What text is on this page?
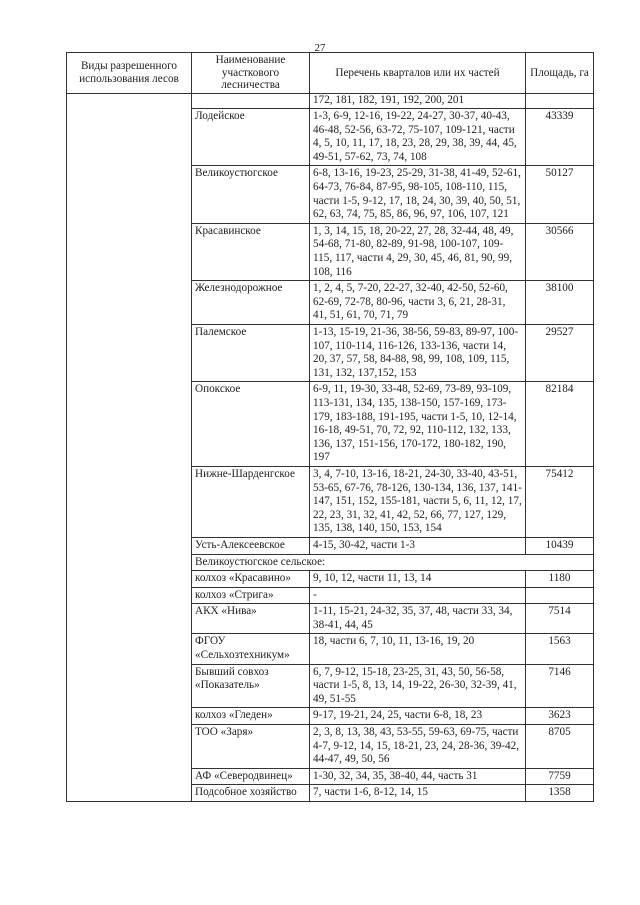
27
Виды разрешенного использования лесов	Наименование участкового лесничества	Перечень кварталов или их частей	Площадь, га
		172, 181, 182, 191, 192, 200, 201	
	Лодейское	1-3, 6-9, 12-16, 19-22, 24-27, 30-37, 40-43, 46-48, 52-56, 63-72, 75-107, 109-121, части 4, 5, 10, 11, 17, 18, 23, 28, 29, 38, 39, 44, 45, 49-51, 57-62, 73, 74, 108	43339
	Великоустюгское	6-8, 13-16, 19-23, 25-29, 31-38, 41-49, 52-61, 64-73, 76-84, 87-95, 98-105, 108-110, 115, части 1-5, 9-12, 17, 18, 24, 30, 39, 40, 50, 51, 62, 63, 74, 75, 85, 86, 96, 97, 106, 107, 121	50127
	Красавинское	1, 3, 14, 15, 18, 20-22, 27, 28, 32-44, 48, 49, 54-68, 71-80, 82-89, 91-98, 100-107, 109-115, 117, части 4, 29, 30, 45, 46, 81, 90, 99, 108, 116	30566
	Железнодорожное	1, 2, 4, 5, 7-20, 22-27, 32-40, 42-50, 52-60, 62-69, 72-78, 80-96, части 3, 6, 21, 28-31, 41, 51, 61, 70, 71, 79	38100
	Палемское	1-13, 15-19, 21-36, 38-56, 59-83, 89-97, 100-107, 110-114, 116-126, 133-136, части 14, 20, 37, 57, 58, 84-88, 98, 99, 108, 109, 115, 131, 132, 137,152, 153	29527
	Опокское	6-9, 11, 19-30, 33-48, 52-69, 73-89, 93-109, 113-131, 134, 135, 138-150, 157-169, 173-179, 183-188, 191-195, части 1-5, 10, 12-14, 16-18, 49-51, 70, 72, 92, 110-112, 132, 133, 136, 137, 151-156, 170-172, 180-182, 190, 197	82184
	Нижне-Шарденгское	3, 4, 7-10, 13-16, 18-21, 24-30, 33-40, 43-51, 53-65, 67-76, 78-126, 130-134, 136, 137, 141-147, 151, 152, 155-181, части 5, 6, 11, 12, 17, 22, 23, 31, 32, 41, 42, 52, 66, 77, 127, 129, 135, 138, 140, 150, 153, 154	75412
	Усть-Алексеевское	4-15, 30-42, части 1-3	10439
	Великоустюгское сельское:		
	колхоз «Красавино»	9, 10, 12, части 11, 13, 14	1180
	колхоз «Стрига»	-	
	АКХ «Нива»	1-11, 15-21, 24-32, 35, 37, 48, части 33, 34, 38-41, 44, 45	7514
	ФГОУ «Сельхозтехникум»	18, части 6, 7, 10, 11, 13-16, 19, 20	1563
	Бывший совхоз «Показатель»	6, 7, 9-12, 15-18, 23-25, 31, 43, 50, 56-58, части 1-5, 8, 13, 14, 19-22, 26-30, 32-39, 41, 49, 51-55	7146
	колхоз «Гледен»	9-17, 19-21, 24, 25, части 6-8, 18, 23	3623
	ТОО «Заря»	2, 3, 8, 13, 38, 43, 53-55, 59-63, 69-75, части 4-7, 9-12, 14, 15, 18-21, 23, 24, 28-36, 39-42, 44-47, 49, 50, 56	8705
	АФ «Северодвинец»	1-30, 32, 34, 35, 38-40, 44, часть 31	7759
	Подсобное хозяйство	7, части 1-6, 8-12, 14, 15	1358
